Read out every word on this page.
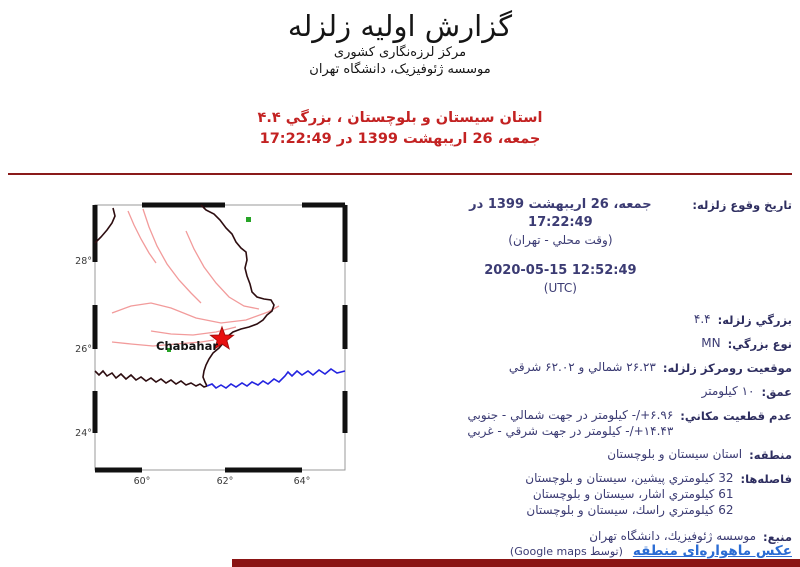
گزارش اولیه زلزله
مرکز لرزه‌نگاری کشوری
موسسه ژئوفیزیک، دانشگاه تهران
استان سیستان و بلوچستان ، بزرگي ۴.۴
جمعه، 26 اریبهشت 1399 در 17:22:49
Chabahar
28°
26°
24°
60°	62°	64°
تاریخ وقوع زلزله:
جمعه، 26 اریبهشت 1399 در
17:22:49
(وقت محلي - تهران)
2020-05-15 12:52:49
(UTC)
بزرگي زلزله:
۴.۴
نوع بزرگي:
MN
موقعیت رومرکز زلزله:
۲۶.۲۳ شمالي و ۶۲.۰۲ شرقي
عمق:
۱۰ کیلومتر
عدم قطعیت مکاني:
-/+۶.۹۶ کیلومتر در جهت شمالي - جنوبي
-/+۱۴.۴۳ کیلومتر در جهت شرقي - غربي
منطقه:
استان سیستان و بلوچستان
فاصله‌ها:
32 کیلومتري پیشین، سیستان و بلوچستان
61 کیلومتري اشار، سیستان و بلوچستان
62 کیلومتري راسك، سیستان و بلوچستان
منبع:
موسسه ژئوفیزیك، دانشگاه تهران
عکس ماهواره‌ای منطقه
(توسط Google maps)
